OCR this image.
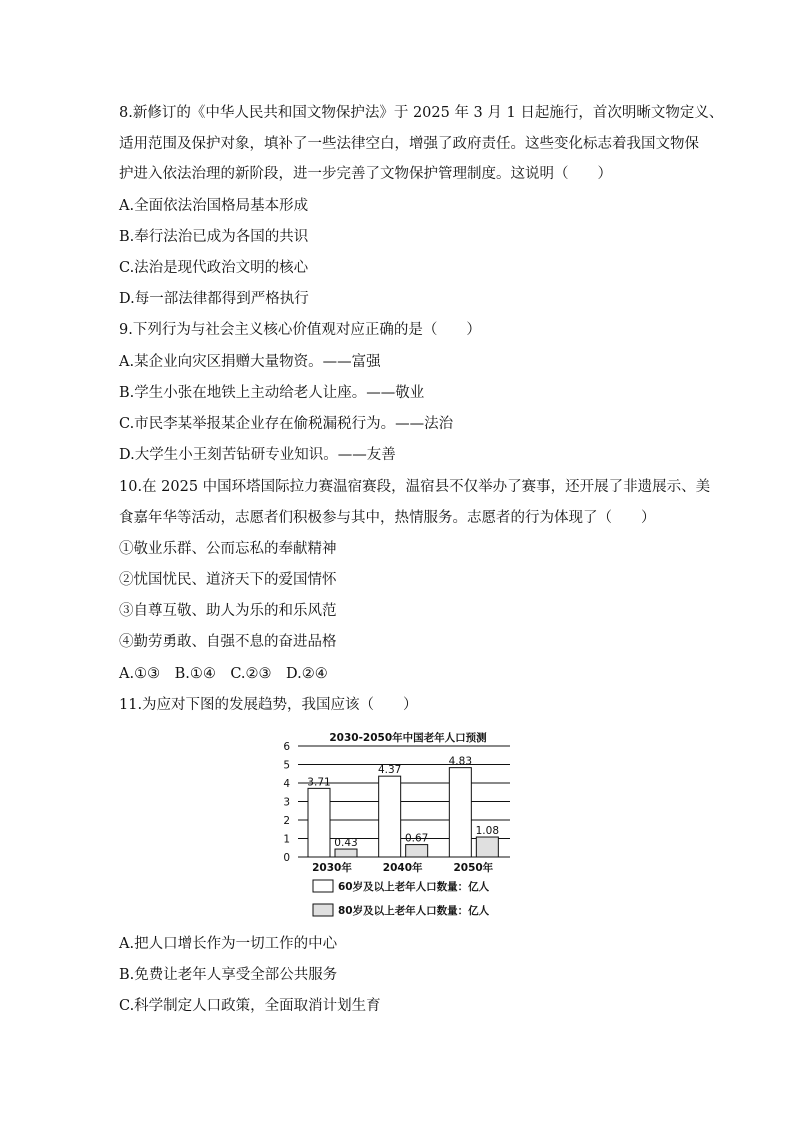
8.新修订的《中华人民共和国文物保护法》于 2025 年 3 月 1 日起施行，首次明晰文物定义、
适用范围及保护对象，填补了一些法律空白，增强了政府责任。这些变化标志着我国文物保
护进入依法治理的新阶段，进一步完善了文物保护管理制度。这说明（　　）
A.全面依法治国格局基本形成
B.奉行法治已成为各国的共识
C.法治是现代政治文明的核心
D.每一部法律都得到严格执行
9.下列行为与社会主义核心价值观对应正确的是（　　）
A.某企业向灾区捐赠大量物资。——富强
B.学生小张在地铁上主动给老人让座。——敬业
C.市民李某举报某企业存在偷税漏税行为。——法治
D.大学生小王刻苦钻研专业知识。——友善
10.在 2025 中国环塔国际拉力赛温宿赛段，温宿县不仅举办了赛事，还开展了非遗展示、美
食嘉年华等活动，志愿者们积极参与其中，热情服务。志愿者的行为体现了（　　）
①敬业乐群、公而忘私的奉献精神
②忧国忧民、道济天下的爱国情怀
③自尊互敬、助人为乐的和乐风范
④勤劳勇敢、自强不息的奋进品格
A.①③　B.①④　C.②③　D.②④
11.为应对下图的发展趋势，我国应该（　　）
2030-2050年中国老年人口预测
0
1
2
3
4
5
6
3.71
0.43
2030年
4.37
0.67
2040年
4.83
1.08
2050年
60岁及以上老年人口数量：亿人
80岁及以上老年人口数量：亿人
A.把人口增长作为一切工作的中心
B.免费让老年人享受全部公共服务
C.科学制定人口政策，全面取消计划生育
